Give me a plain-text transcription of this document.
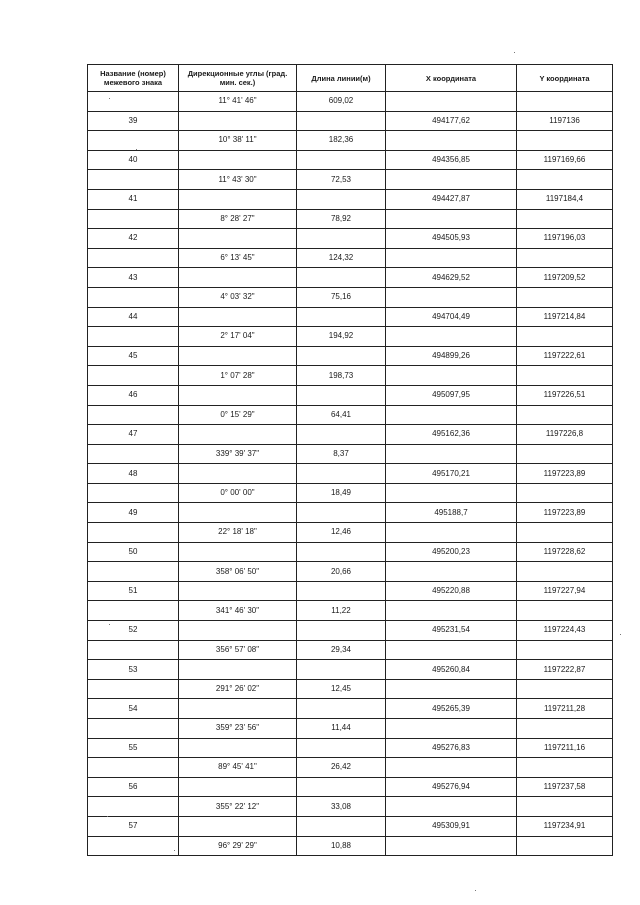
Название (номер) межевого знака	Дирекционные углы (град. мин. сек.)	Длина линии(м)	X координата	Y координата
	11° 41' 46"	609,02		
39			494177,62	1197136
	10° 38' 11"	182,36		
40			494356,85	1197169,66
	11° 43' 30"	72,53		
41			494427,87	1197184,4
	8° 28' 27"	78,92		
42			494505,93	1197196,03
	6° 13' 45"	124,32		
43			494629,52	1197209,52
	4° 03' 32"	75,16		
44			494704,49	1197214,84
	2° 17' 04"	194,92		
45			494899,26	1197222,61
	1° 07' 28"	198,73		
46			495097,95	1197226,51
	0° 15' 29"	64,41		
47			495162,36	1197226,8
	339° 39' 37"	8,37		
48			495170,21	1197223,89
	0° 00' 00"	18,49		
49			495188,7	1197223,89
	22° 18' 18"	12,46		
50			495200,23	1197228,62
	358° 06' 50"	20,66		
51			495220,88	1197227,94
	341° 46' 30"	11,22		
52			495231,54	1197224,43
	356° 57' 08"	29,34		
53			495260,84	1197222,87
	291° 26' 02"	12,45		
54			495265,39	1197211,28
	359° 23' 56"	11,44		
55			495276,83	1197211,16
	89° 45' 41"	26,42		
56			495276,94	1197237,58
	355° 22' 12"	33,08		
57			495309,91	1197234,91
	96° 29' 29"	10,88		
